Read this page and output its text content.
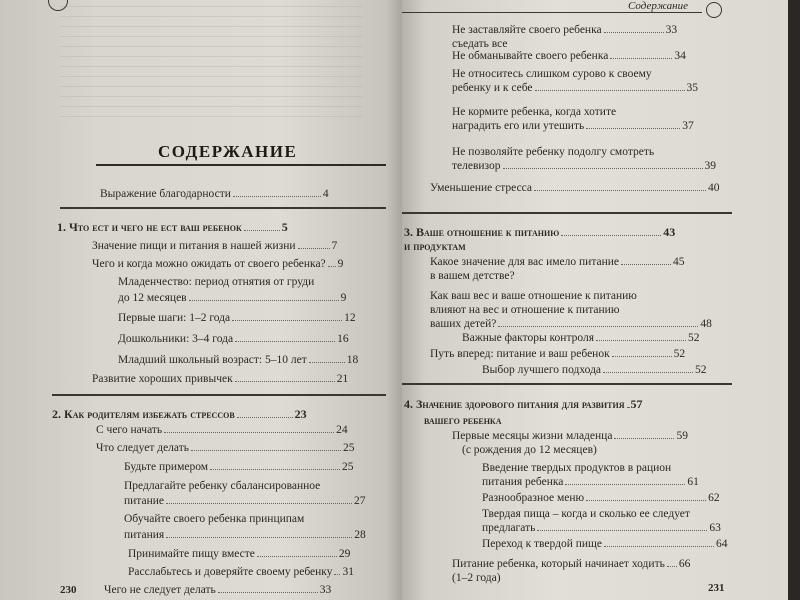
СОДЕРЖАНИЕ
Выражение благодарности	4
1. Что ест и чего не ест ваш ребенок	5
Значение пищи и питания в нашей жизни	7
Чего и когда можно ожидать от своего ребенка? 9
Младенчество: период отнятия от груди
до 12 месяцев	9
Первые шаги: 1–2 года	12
Дошкольники: 3–4 года	16
Младший школьный возраст: 5–10 лет	18
Развитие хороших привычек	21
2. Как родителям избежать стрессов	23
С чего начать	24
Что следует делать	25
Будьте примером	25
Предлагайте ребенку сбалансированное
питание	27
Обучайте своего ребенка принципам
питания	28
Принимайте пищу вместе	29
Расслабьтесь и доверяйте своему ребенку 31
Чего не следует делать	33
230
Содержание
Не заставляйте своего ребенка	33
съедать все
Не обманывайте своего ребенка	34
Не относитесь слишком сурово к своему
ребенку и к себе	35
Не кормите ребенка, когда хотите
наградить его или утешить	37
Не позволяйте ребенку подолгу смотреть
телевизор	39
Уменьшение стресса	40
3. Ваше отношение к питанию	43
и продуктам
Какое значение для вас имело питание	45
в вашем детстве?
Как ваш вес и ваше отношение к питанию
влияют на вес и отношение к питанию
ваших детей?	48
Важные факторы контроля	52
Путь вперед: питание и ваш ребенок	52
Выбор лучшего подхода	52
4. Значение здорового питания для развития 57
вашего ребенка
Первые месяцы жизни младенца	59
(с рождения до 12 месяцев)
Введение твердых продуктов в рацион
питания ребенка	61
Разнообразное меню	62
Твердая пища – когда и сколько ее следует
предлагать	63
Переход к твердой пище	64
Питание ребенка, который начинает ходить 66
(1–2 года)
231
